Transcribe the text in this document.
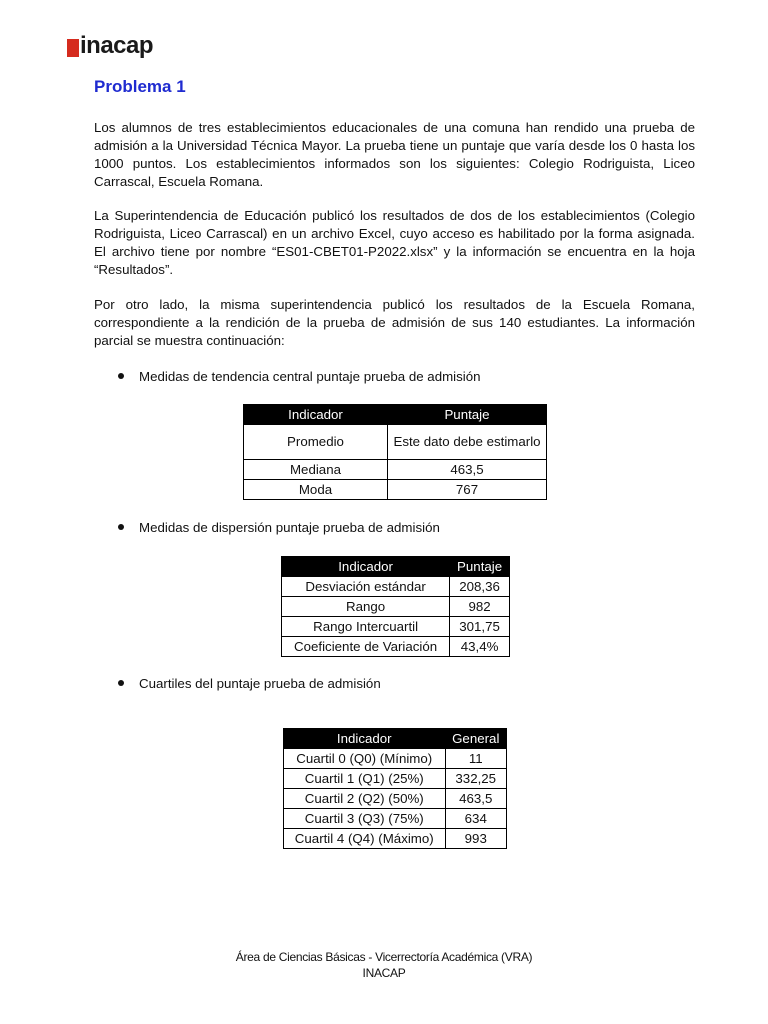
inacap
Problema 1
Los alumnos de tres establecimientos educacionales de una comuna han rendido una prueba de admisión a la Universidad Técnica Mayor. La prueba tiene un puntaje que varía desde los 0 hasta los 1000 puntos. Los establecimientos informados son los siguientes: Colegio Rodriguista, Liceo Carrascal, Escuela Romana.
La Superintendencia de Educación publicó los resultados de dos de los establecimientos (Colegio Rodriguista, Liceo Carrascal) en un archivo Excel, cuyo acceso es habilitado por la forma asignada. El archivo tiene por nombre “ES01-CBET01-P2022.xlsx” y la información se encuentra en la hoja “Resultados”.
Por otro lado, la misma superintendencia publicó los resultados de la Escuela Romana, correspondiente a la rendición de la prueba de admisión de sus 140 estudiantes. La información parcial se muestra continuación:
Medidas de tendencia central puntaje prueba de admisión
Indicador	Puntaje
Promedio	Este dato debe estimarlo
Mediana	463,5
Moda	767
Medidas de dispersión puntaje prueba de admisión
Indicador	Puntaje
Desviación estándar	208,36
Rango	982
Rango Intercuartil	301,75
Coeficiente de Variación	43,4%
Cuartiles del puntaje prueba de admisión
Indicador	General
Cuartil 0 (Q0) (Mínimo)	11
Cuartil 1 (Q1) (25%)	332,25
Cuartil 2 (Q2) (50%)	463,5
Cuartil 3 (Q3) (75%)	634
Cuartil 4 (Q4) (Máximo)	993
Área de Ciencias Básicas - Vicerrectoría Académica (VRA)
INACAP
